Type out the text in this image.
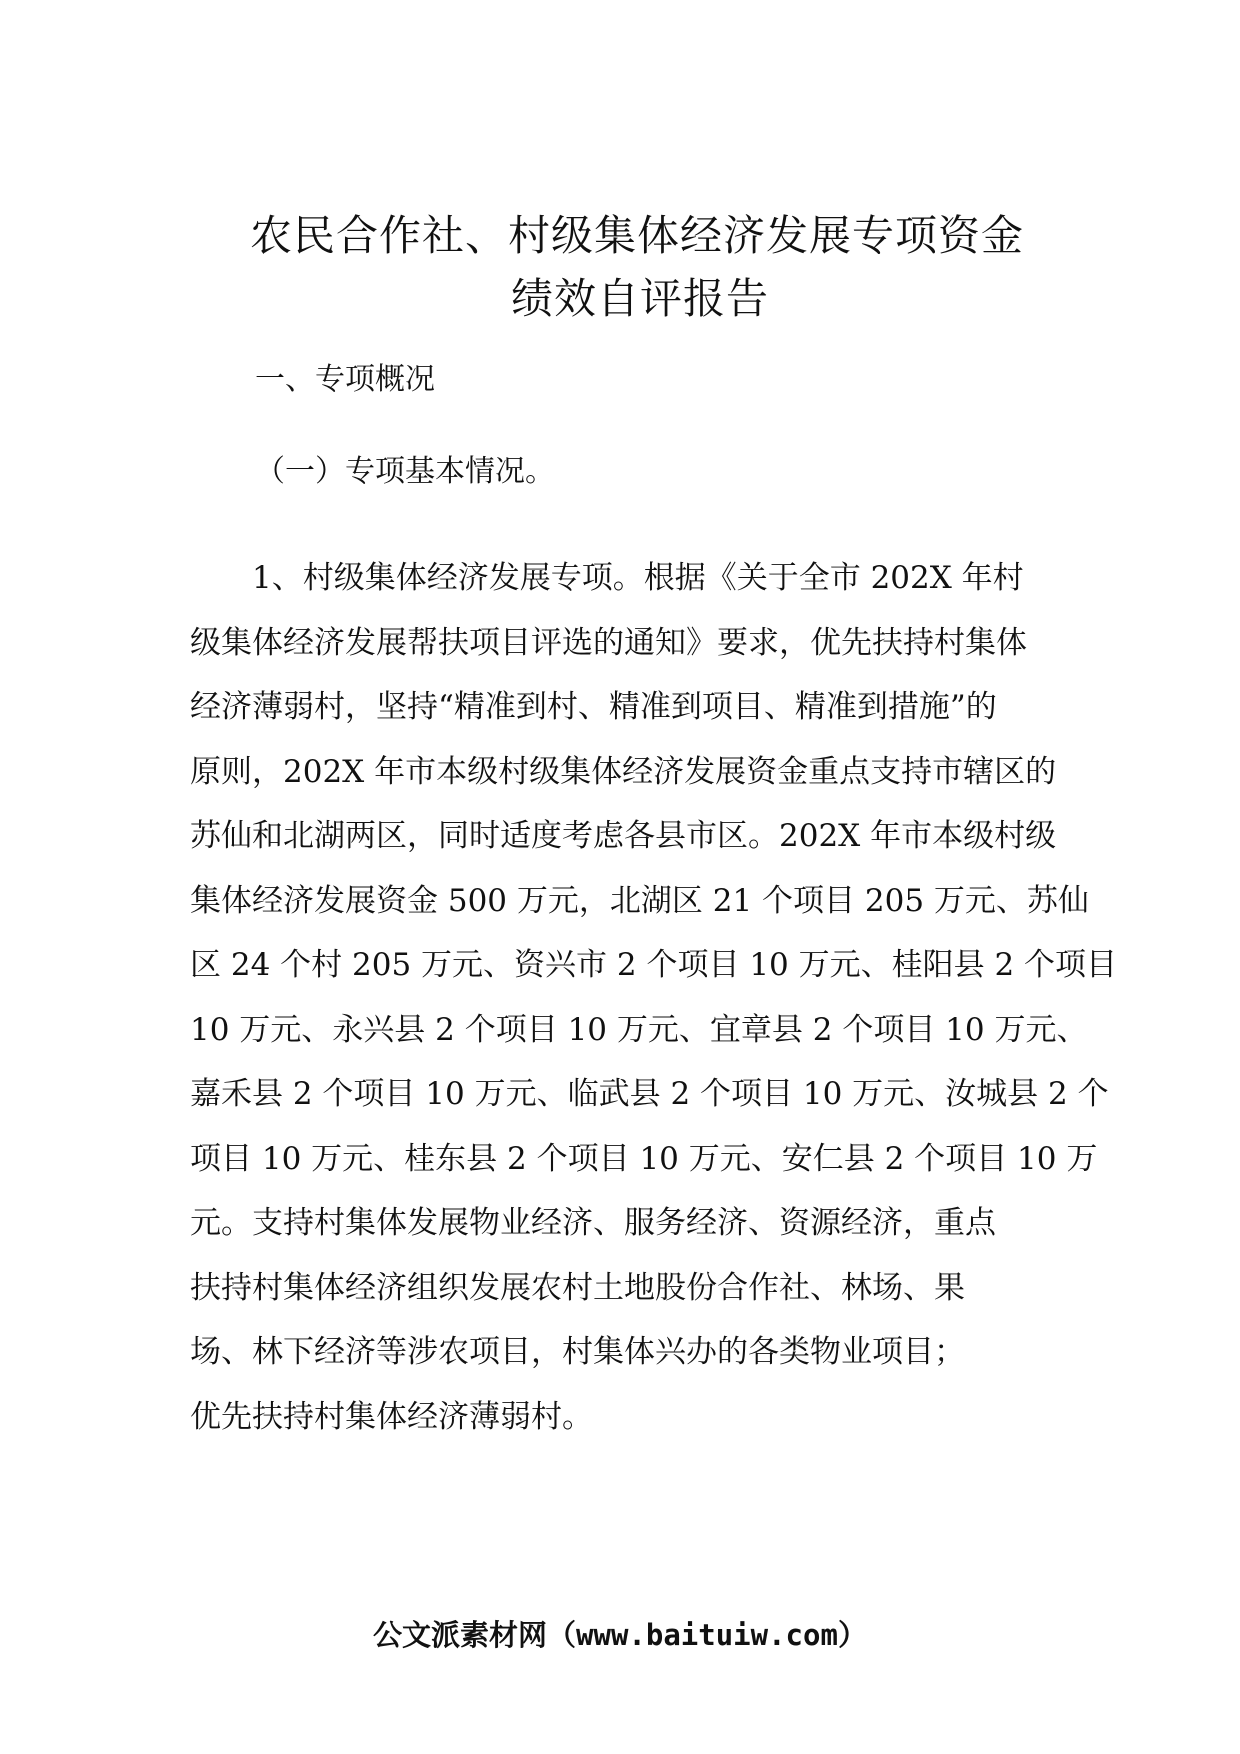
农民合作社、村级集体经济发展专项资金
绩效自评报告
一、专项概况
（一）专项基本情况。

　　1、村级集体经济发展专项。根据《关于全市 202X 年村
级集体经济发展帮扶项目评选的通知》要求，优先扶持村集体
经济薄弱村，坚持“精准到村、精准到项目、精准到措施”的
原则，202X 年市本级村级集体经济发展资金重点支持市辖区的
苏仙和北湖两区，同时适度考虑各县市区。202X 年市本级村级
集体经济发展资金 500 万元，北湖区 21 个项目 205 万元、苏仙
区 24 个村 205 万元、资兴市 2 个项目 10 万元、桂阳县 2 个项目
10 万元、永兴县 2 个项目 10 万元、宜章县 2 个项目 10 万元、
嘉禾县 2 个项目 10 万元、临武县 2 个项目 10 万元、汝城县 2 个
项目 10 万元、桂东县 2 个项目 10 万元、安仁县 2 个项目 10 万
元。支持村集体发展物业经济、服务经济、资源经济，重点
扶持村集体经济组织发展农村土地股份合作社、林场、果
场、林下经济等涉农项目，村集体兴办的各类物业项目；
优先扶持村集体经济薄弱村。

公文派素材网（www.baituiw.com）
